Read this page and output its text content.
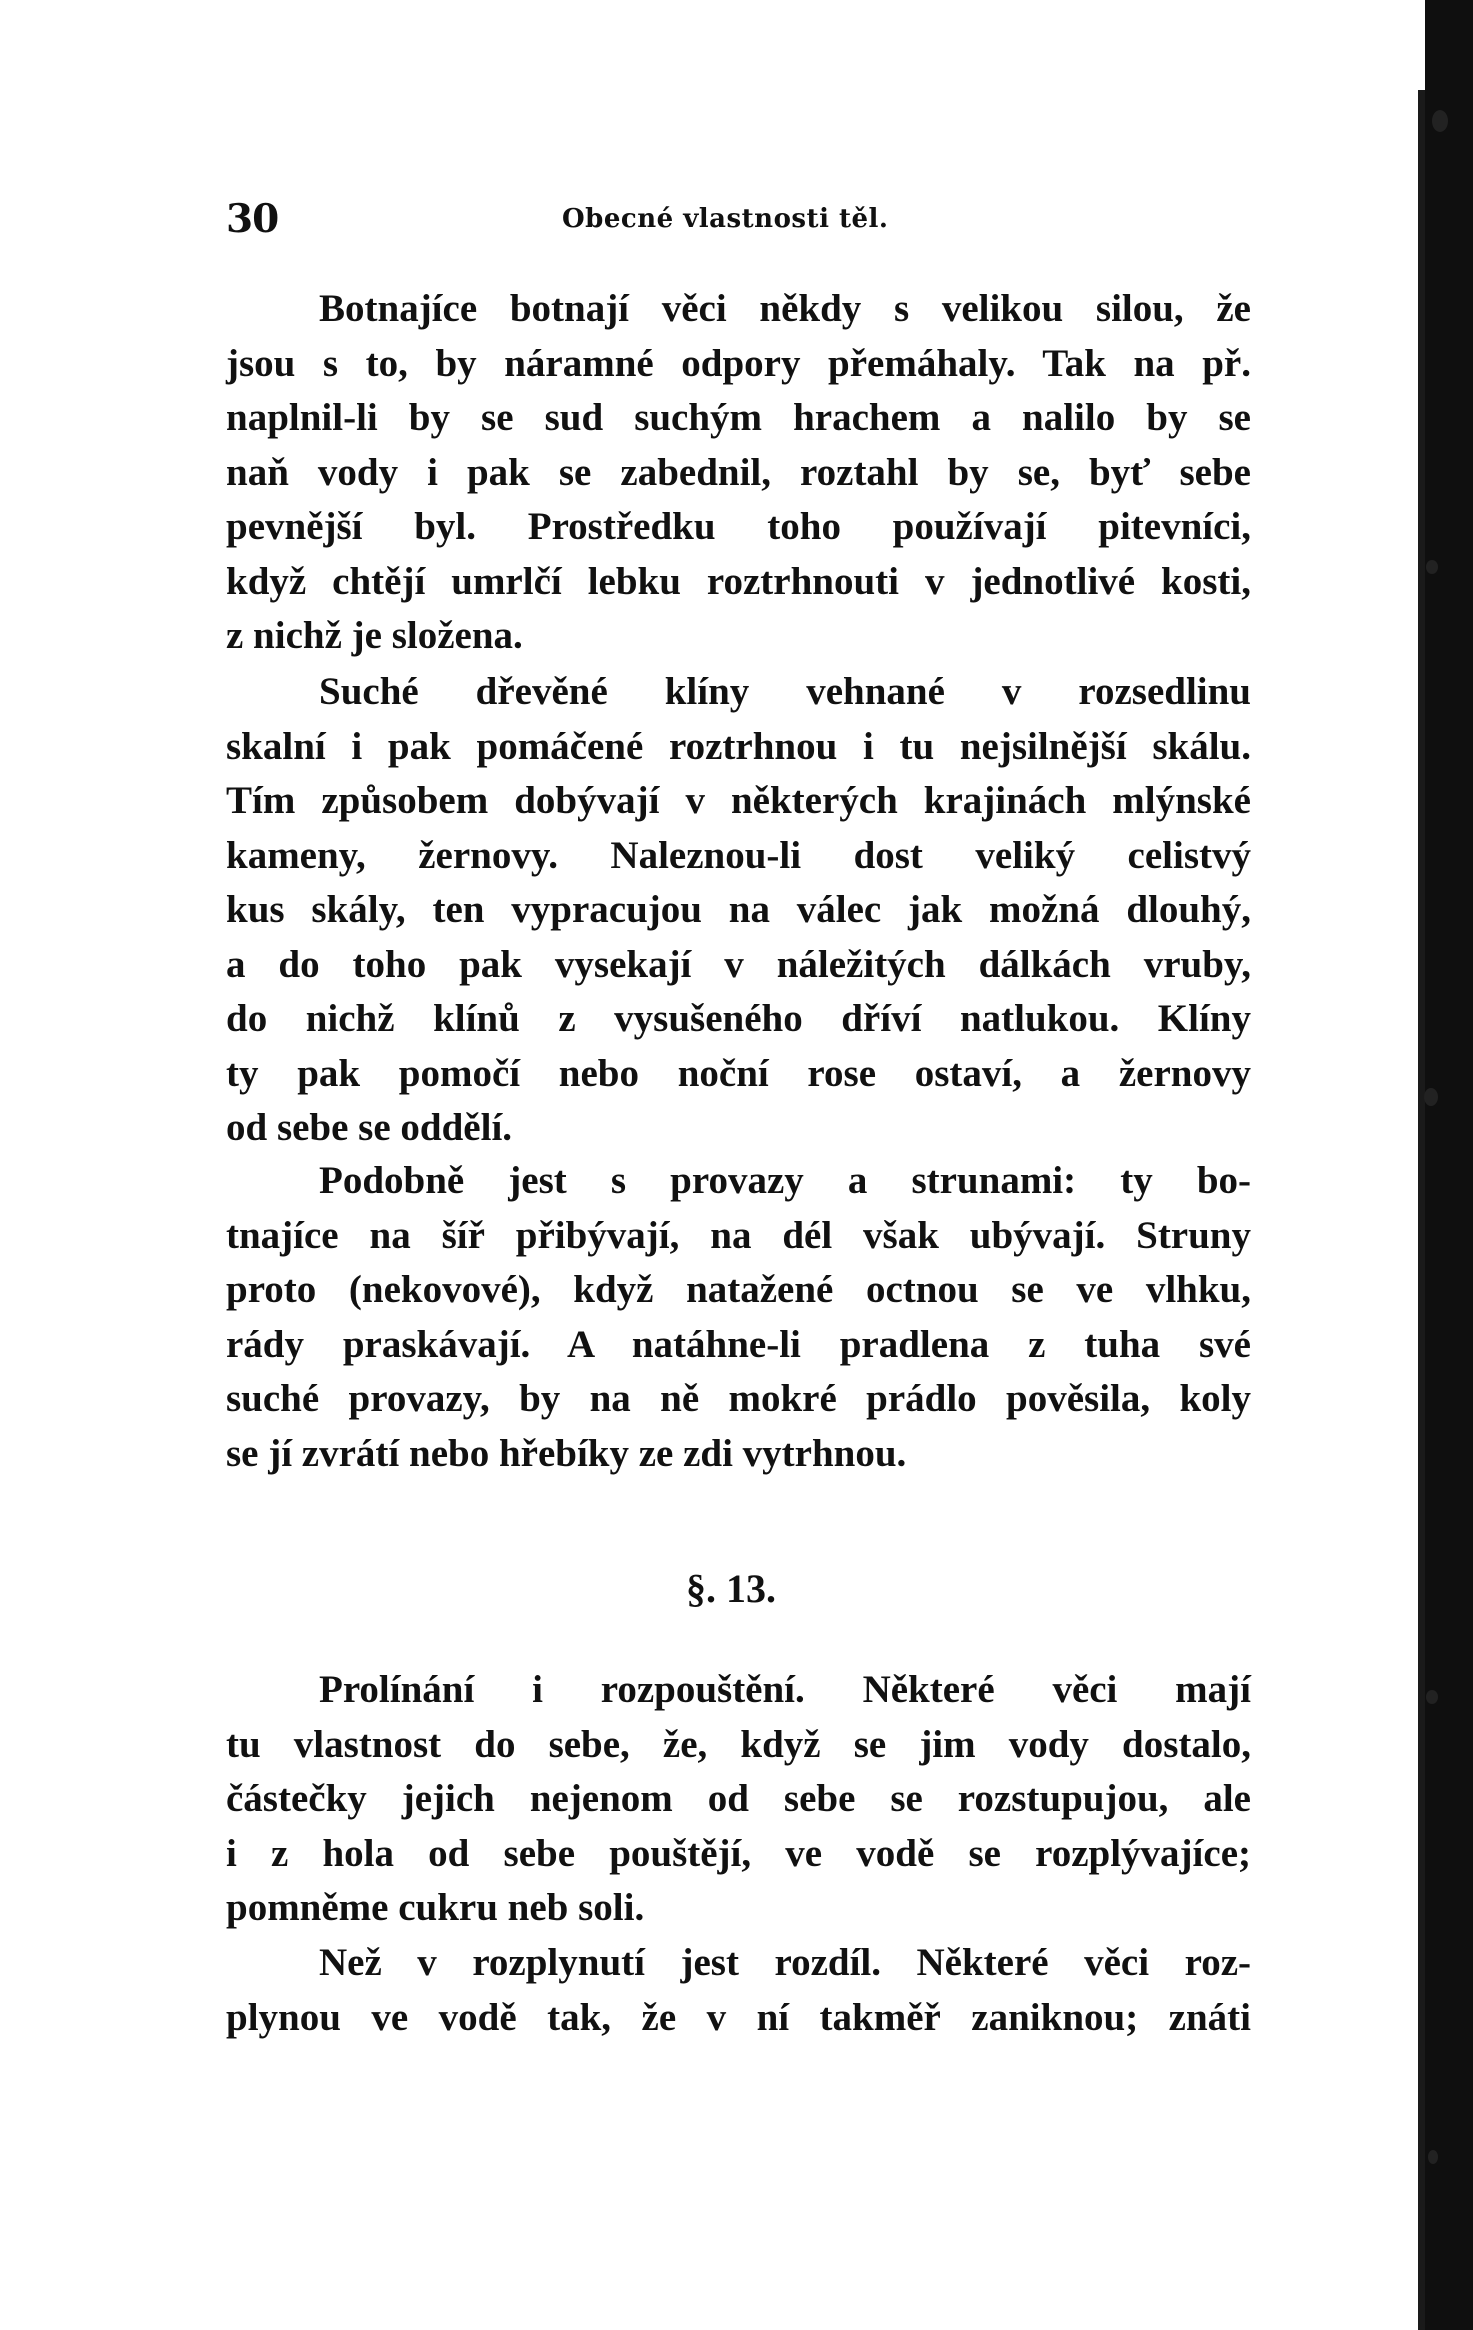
30	Obecné vlastnosti těl.
Botnajíce botnají věci někdy s velikou silou, že
jsou s to, by náramné odpory přemáhaly. Tak na př.
naplnil-li by se sud suchým hrachem a nalilo by se
naň vody i pak se zabednil, roztahl by se, byť sebe
pevnější byl. Prostředku toho používají pitevníci,
když chtějí umrlčí lebku roztrhnouti v jednotlivé kosti,
z nichž je složena.
Suché dřevěné klíny vehnané v rozsedlinu
skalní i pak pomáčené roztrhnou i tu nejsilnější skálu.
Tím způsobem dobývají v některých krajinách mlýnské
kameny, žernovy. Naleznou-li dost veliký celistvý
kus skály, ten vypracujou na válec jak možná dlouhý,
a do toho pak vysekají v náležitých dálkách vruby,
do nichž klínů z vysušeného dříví natlukou. Klíny
ty pak pomočí nebo noční rose ostaví, a žernovy
od sebe se oddělí.
Podobně jest s provazy a strunami: ty bo-
tnajíce na šíř přibývají, na dél však ubývají. Struny
proto (nekovové), když natažené octnou se ve vlhku,
rády praskávají. A natáhne-li pradlena z tuha své
suché provazy, by na ně mokré prádlo pověsila, koly
se jí zvrátí nebo hřebíky ze zdi vytrhnou.
§. 13.
Prolínání i rozpouštění. Některé věci mají
tu vlastnost do sebe, že, když se jim vody dostalo,
částečky jejich nejenom od sebe se rozstupujou, ale
i z hola od sebe pouštějí, ve vodě se rozplývajíce;
pomněme cukru neb soli.
Než v rozplynutí jest rozdíl. Některé věci roz-
plynou ve vodě tak, že v ní takměř zaniknou; znáti
